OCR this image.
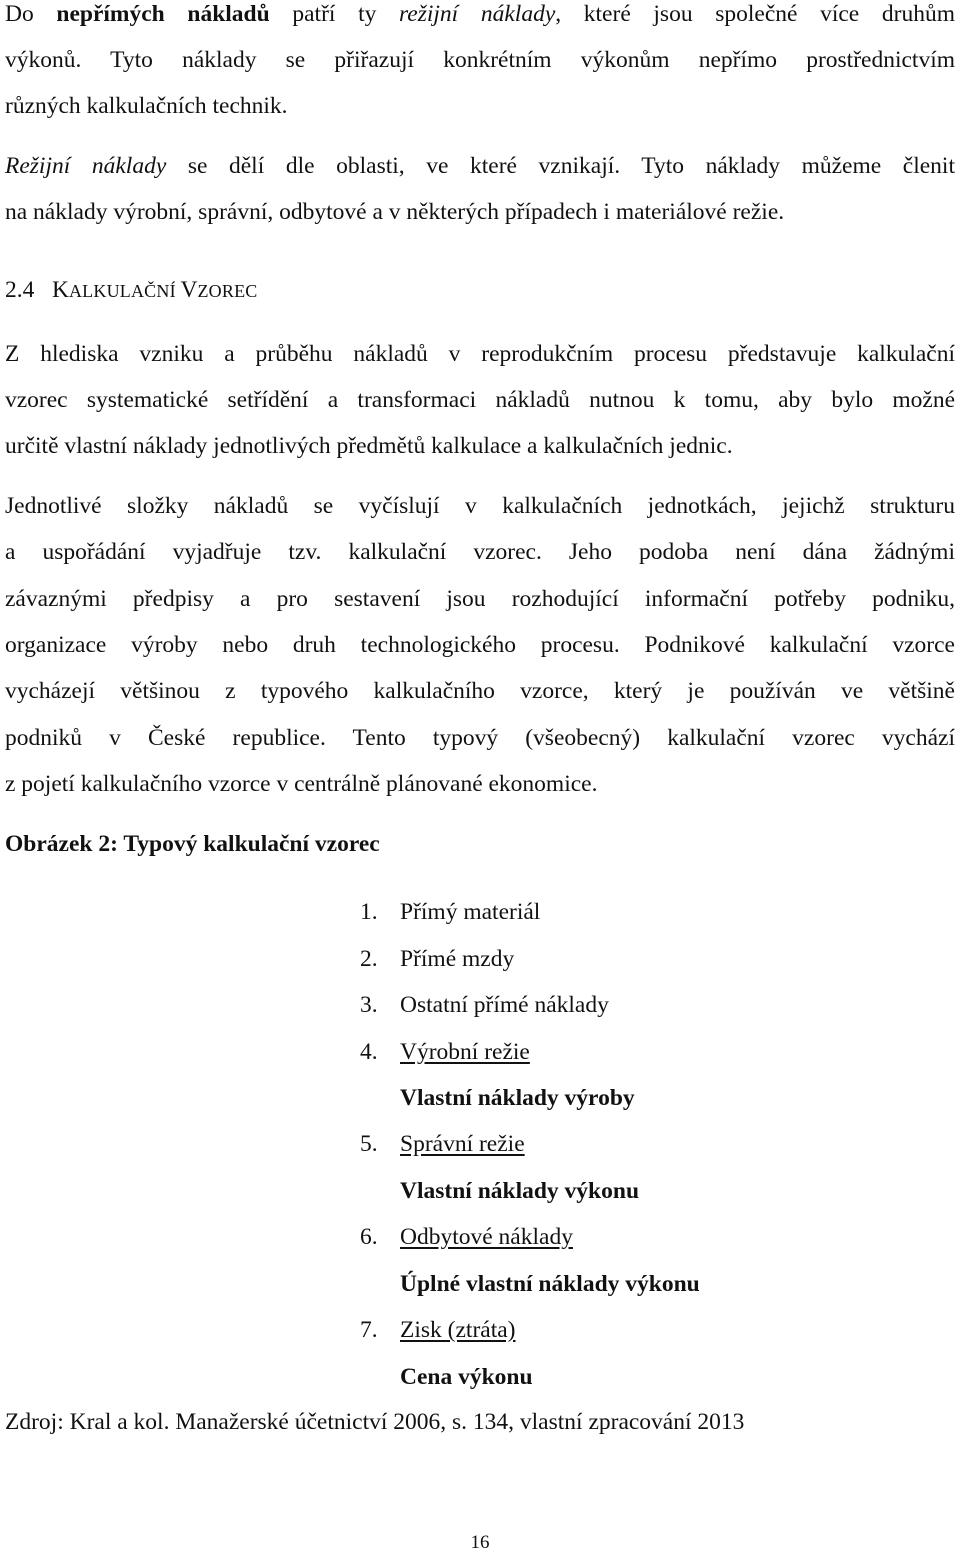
Do nepřímých nákladů patří ty režijní náklady, které jsou společné více druhům
výkonů. Tyto náklady se přiřazují konkrétním výkonům nepřímo prostřednictvím
různých kalkulačních technik.
Režijní náklady se dělí dle oblasti, ve které vznikají. Tyto náklady můžeme členit
na náklady výrobní, správní, odbytové a v některých případech i materiálové režie.
2.4 KALKULAČNÍ VZOREC
Z hlediska vzniku a průběhu nákladů v reprodukčním procesu představuje kalkulační
vzorec systematické setřídění a transformaci nákladů nutnou k tomu, aby bylo možné
určitě vlastní náklady jednotlivých předmětů kalkulace a kalkulačních jednic.
Jednotlivé složky nákladů se vyčíslují v kalkulačních jednotkách, jejichž strukturu
a uspořádání vyjadřuje tzv. kalkulační vzorec. Jeho podoba není dána žádnými
závaznými předpisy a pro sestavení jsou rozhodující informační potřeby podniku,
organizace výroby nebo druh technologického procesu. Podnikové kalkulační vzorce
vycházejí většinou z typového kalkulačního vzorce, který je používán ve většině
podniků v České republice. Tento typový (všeobecný) kalkulační vzorec vychází
z pojetí kalkulačního vzorce v centrálně plánované ekonomice.
Obrázek 2: Typový kalkulační vzorec
1. Přímý materiál
2. Přímé mzdy
3. Ostatní přímé náklady
4. Výrobní režie
Vlastní náklady výroby
5. Správní režie
Vlastní náklady výkonu
6. Odbytové náklady
Úplné vlastní náklady výkonu
7. Zisk (ztráta)
Cena výkonu
Zdroj: Kral a kol. Manažerské účetnictví 2006, s. 134, vlastní zpracování 2013
16
